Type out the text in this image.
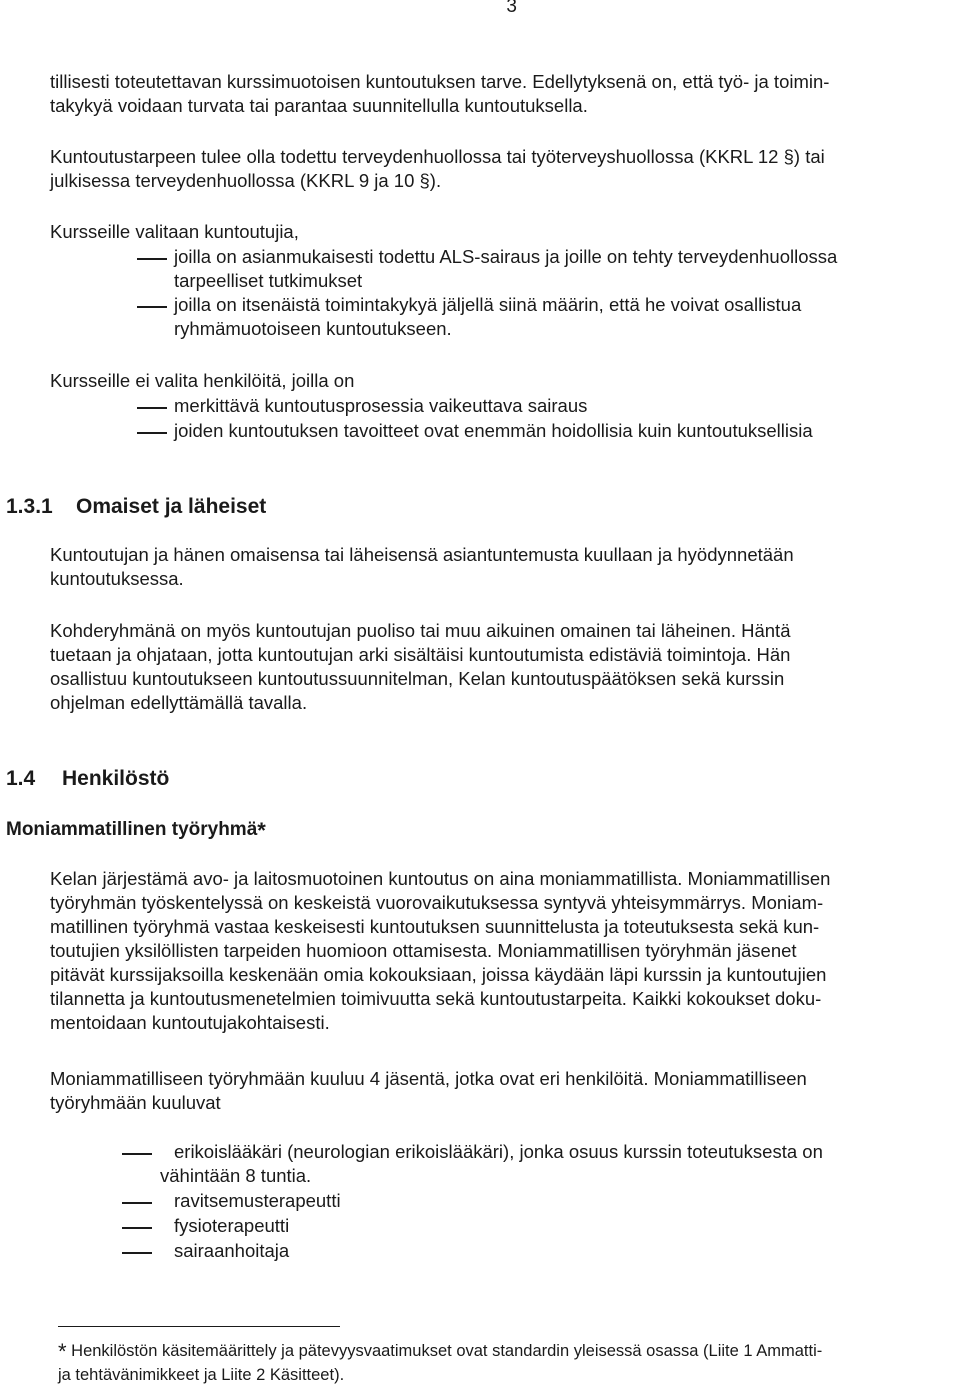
3
tillisesti toteutettavan kurssimuotoisen kuntoutuksen tarve. Edellytyksenä on, että työ- ja toimin-
takykyä voidaan turvata tai parantaa suunnitellulla kuntoutuksella.
Kuntoutustarpeen tulee olla todettu terveydenhuollossa tai työterveyshuollossa (KKRL 12 §) tai
julkisessa terveydenhuollossa (KKRL 9 ja 10 §).
Kursseille valitaan kuntoutujia,
joilla on asianmukaisesti todettu ALS-sairaus ja joille on tehty terveydenhuollossa
tarpeelliset tutkimukset
joilla on itsenäistä toimintakykyä jäljellä siinä määrin, että he voivat osallistua
ryhmämuotoiseen kuntoutukseen.
Kursseille ei valita henkilöitä, joilla on
merkittävä kuntoutusprosessia vaikeuttava sairaus
joiden kuntoutuksen tavoitteet ovat enemmän hoidollisia kuin kuntoutuksellisia
1.3.1 Omaiset ja läheiset
Kuntoutujan ja hänen omaisensa tai läheisensä asiantuntemusta kuullaan ja hyödynnetään
kuntoutuksessa.
Kohderyhmänä on myös kuntoutujan puoliso tai muu aikuinen omainen tai läheinen. Häntä
tuetaan ja ohjataan, jotta kuntoutujan arki sisältäisi kuntoutumista edistäviä toimintoja. Hän
osallistuu kuntoutukseen kuntoutussuunnitelman, Kelan kuntoutuspäätöksen sekä kurssin
ohjelman edellyttämällä tavalla.
1.4 Henkilöstö
Moniammatillinen työryhmä*
Kelan järjestämä avo- ja laitosmuotoinen kuntoutus on aina moniammatillista. Moniammatillisen
työryhmän työskentelyssä on keskeistä vuorovaikutuksessa syntyvä yhteisymmärrys. Moniam-
matillinen työryhmä vastaa keskeisesti kuntoutuksen suunnittelusta ja toteutuksesta sekä kun-
toutujien yksilöllisten tarpeiden huomioon ottamisesta. Moniammatillisen työryhmän jäsenet
pitävät kurssijaksoilla keskenään omia kokouksiaan, joissa käydään läpi kurssin ja kuntoutujien
tilannetta ja kuntoutusmenetelmien toimivuutta sekä kuntoutustarpeita. Kaikki kokoukset doku-
mentoidaan kuntoutujakohtaisesti.
Moniammatilliseen työryhmään kuuluu 4 jäsentä, jotka ovat eri henkilöitä. Moniammatilliseen
työryhmään kuuluvat
erikoislääkäri (neurologian erikoislääkäri), jonka osuus kurssin toteutuksesta on
vähintään 8 tuntia.
ravitsemusterapeutti
fysioterapeutti
sairaanhoitaja
* Henkilöstön käsitemäärittely ja pätevyysvaatimukset ovat standardin yleisessä osassa (Liite 1 Ammatti-
ja tehtävänimikkeet ja Liite 2 Käsitteet).
